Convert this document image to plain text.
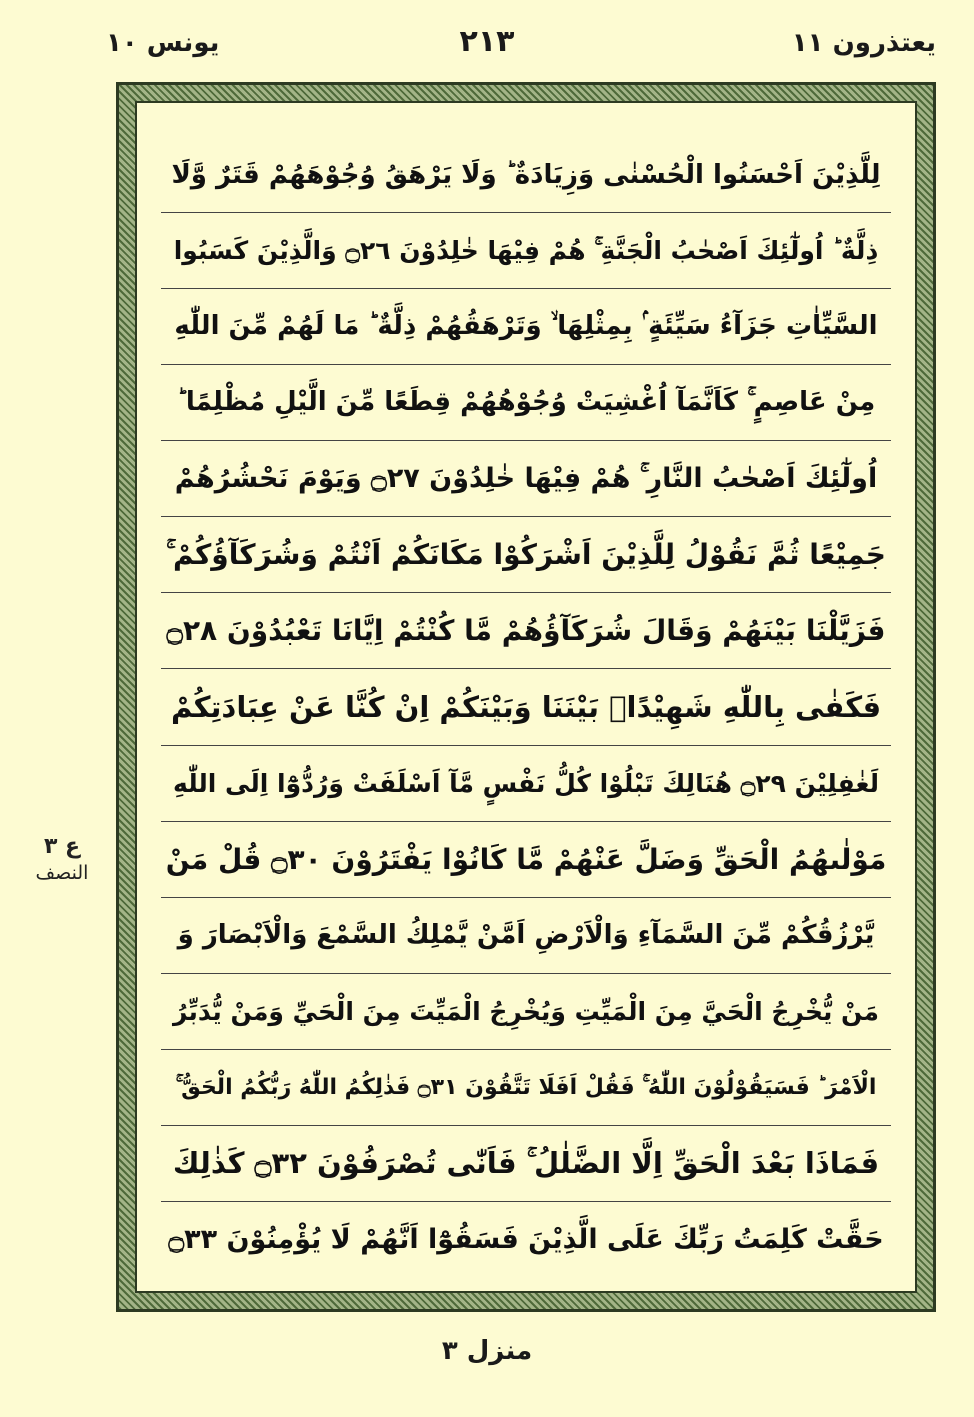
يعتذرون ١١
٢١٣
يونس ١٠
ع ٣
النصف
لِلَّذِيْنَ اَحْسَنُوا الْحُسْنٰى وَزِيَادَةٌ ؕ وَلَا يَرْهَقُ وُجُوْهَهُمْ قَتَرٌ وَّلَا
ذِلَّةٌ ؕ اُولٰٓئِكَ اَصْحٰبُ الْجَنَّةِ ۚ هُمْ فِيْهَا خٰلِدُوْنَ ۝٢٦ وَالَّذِيْنَ كَسَبُوا
السَّيِّاٰتِ جَزَآءُ سَيِّئَةٍ ۢ بِمِثْلِهَا ۙ وَتَرْهَقُهُمْ ذِلَّةٌ ؕ مَا لَهُمْ مِّنَ اللّٰهِ
مِنْ عَاصِمٍ ۚ كَاَنَّمَآ اُغْشِيَتْ وُجُوْهُهُمْ قِطَعًا مِّنَ الَّيْلِ مُظْلِمًا ؕ
اُولٰٓئِكَ اَصْحٰبُ النَّارِ ۚ هُمْ فِيْهَا خٰلِدُوْنَ ۝٢٧ وَيَوْمَ نَحْشُرُهُمْ
جَمِيْعًا ثُمَّ نَقُوْلُ لِلَّذِيْنَ اَشْرَكُوْا مَكَانَكُمْ اَنْتُمْ وَشُرَكَآؤُكُمْ ۚ
فَزَيَّلْنَا بَيْنَهُمْ وَقَالَ شُرَكَآؤُهُمْ مَّا كُنْتُمْ اِيَّانَا تَعْبُدُوْنَ ۝٢٨
فَكَفٰى بِاللّٰهِ شَهِيْدًاۢ بَيْنَنَا وَبَيْنَكُمْ اِنْ كُنَّا عَنْ عِبَادَتِكُمْ
لَغٰفِلِيْنَ ۝٢٩ هُنَالِكَ تَبْلُوْا كُلُّ نَفْسٍ مَّآ اَسْلَفَتْ وَرُدُّوْٓا اِلَى اللّٰهِ
مَوْلٰىهُمُ الْحَقِّ وَضَلَّ عَنْهُمْ مَّا كَانُوْا يَفْتَرُوْنَ ۝٣٠ قُلْ مَنْ
يَّرْزُقُكُمْ مِّنَ السَّمَآءِ وَالْاَرْضِ اَمَّنْ يَّمْلِكُ السَّمْعَ وَالْاَبْصَارَ وَ
مَنْ يُّخْرِجُ الْحَيَّ مِنَ الْمَيِّتِ وَيُخْرِجُ الْمَيِّتَ مِنَ الْحَيِّ وَمَنْ يُّدَبِّرُ
الْاَمْرَ ؕ فَسَيَقُوْلُوْنَ اللّٰهُ ۚ فَقُلْ اَفَلَا تَتَّقُوْنَ ۝٣١ فَذٰلِكُمُ اللّٰهُ رَبُّكُمُ الْحَقُّ ۚ
فَمَاذَا بَعْدَ الْحَقِّ اِلَّا الضَّلٰلُ ۚ فَاَنّٰى تُصْرَفُوْنَ ۝٣٢ كَذٰلِكَ
حَقَّتْ كَلِمَتُ رَبِّكَ عَلَى الَّذِيْنَ فَسَقُوْٓا اَنَّهُمْ لَا يُؤْمِنُوْنَ ۝٣٣
منزل ٣
